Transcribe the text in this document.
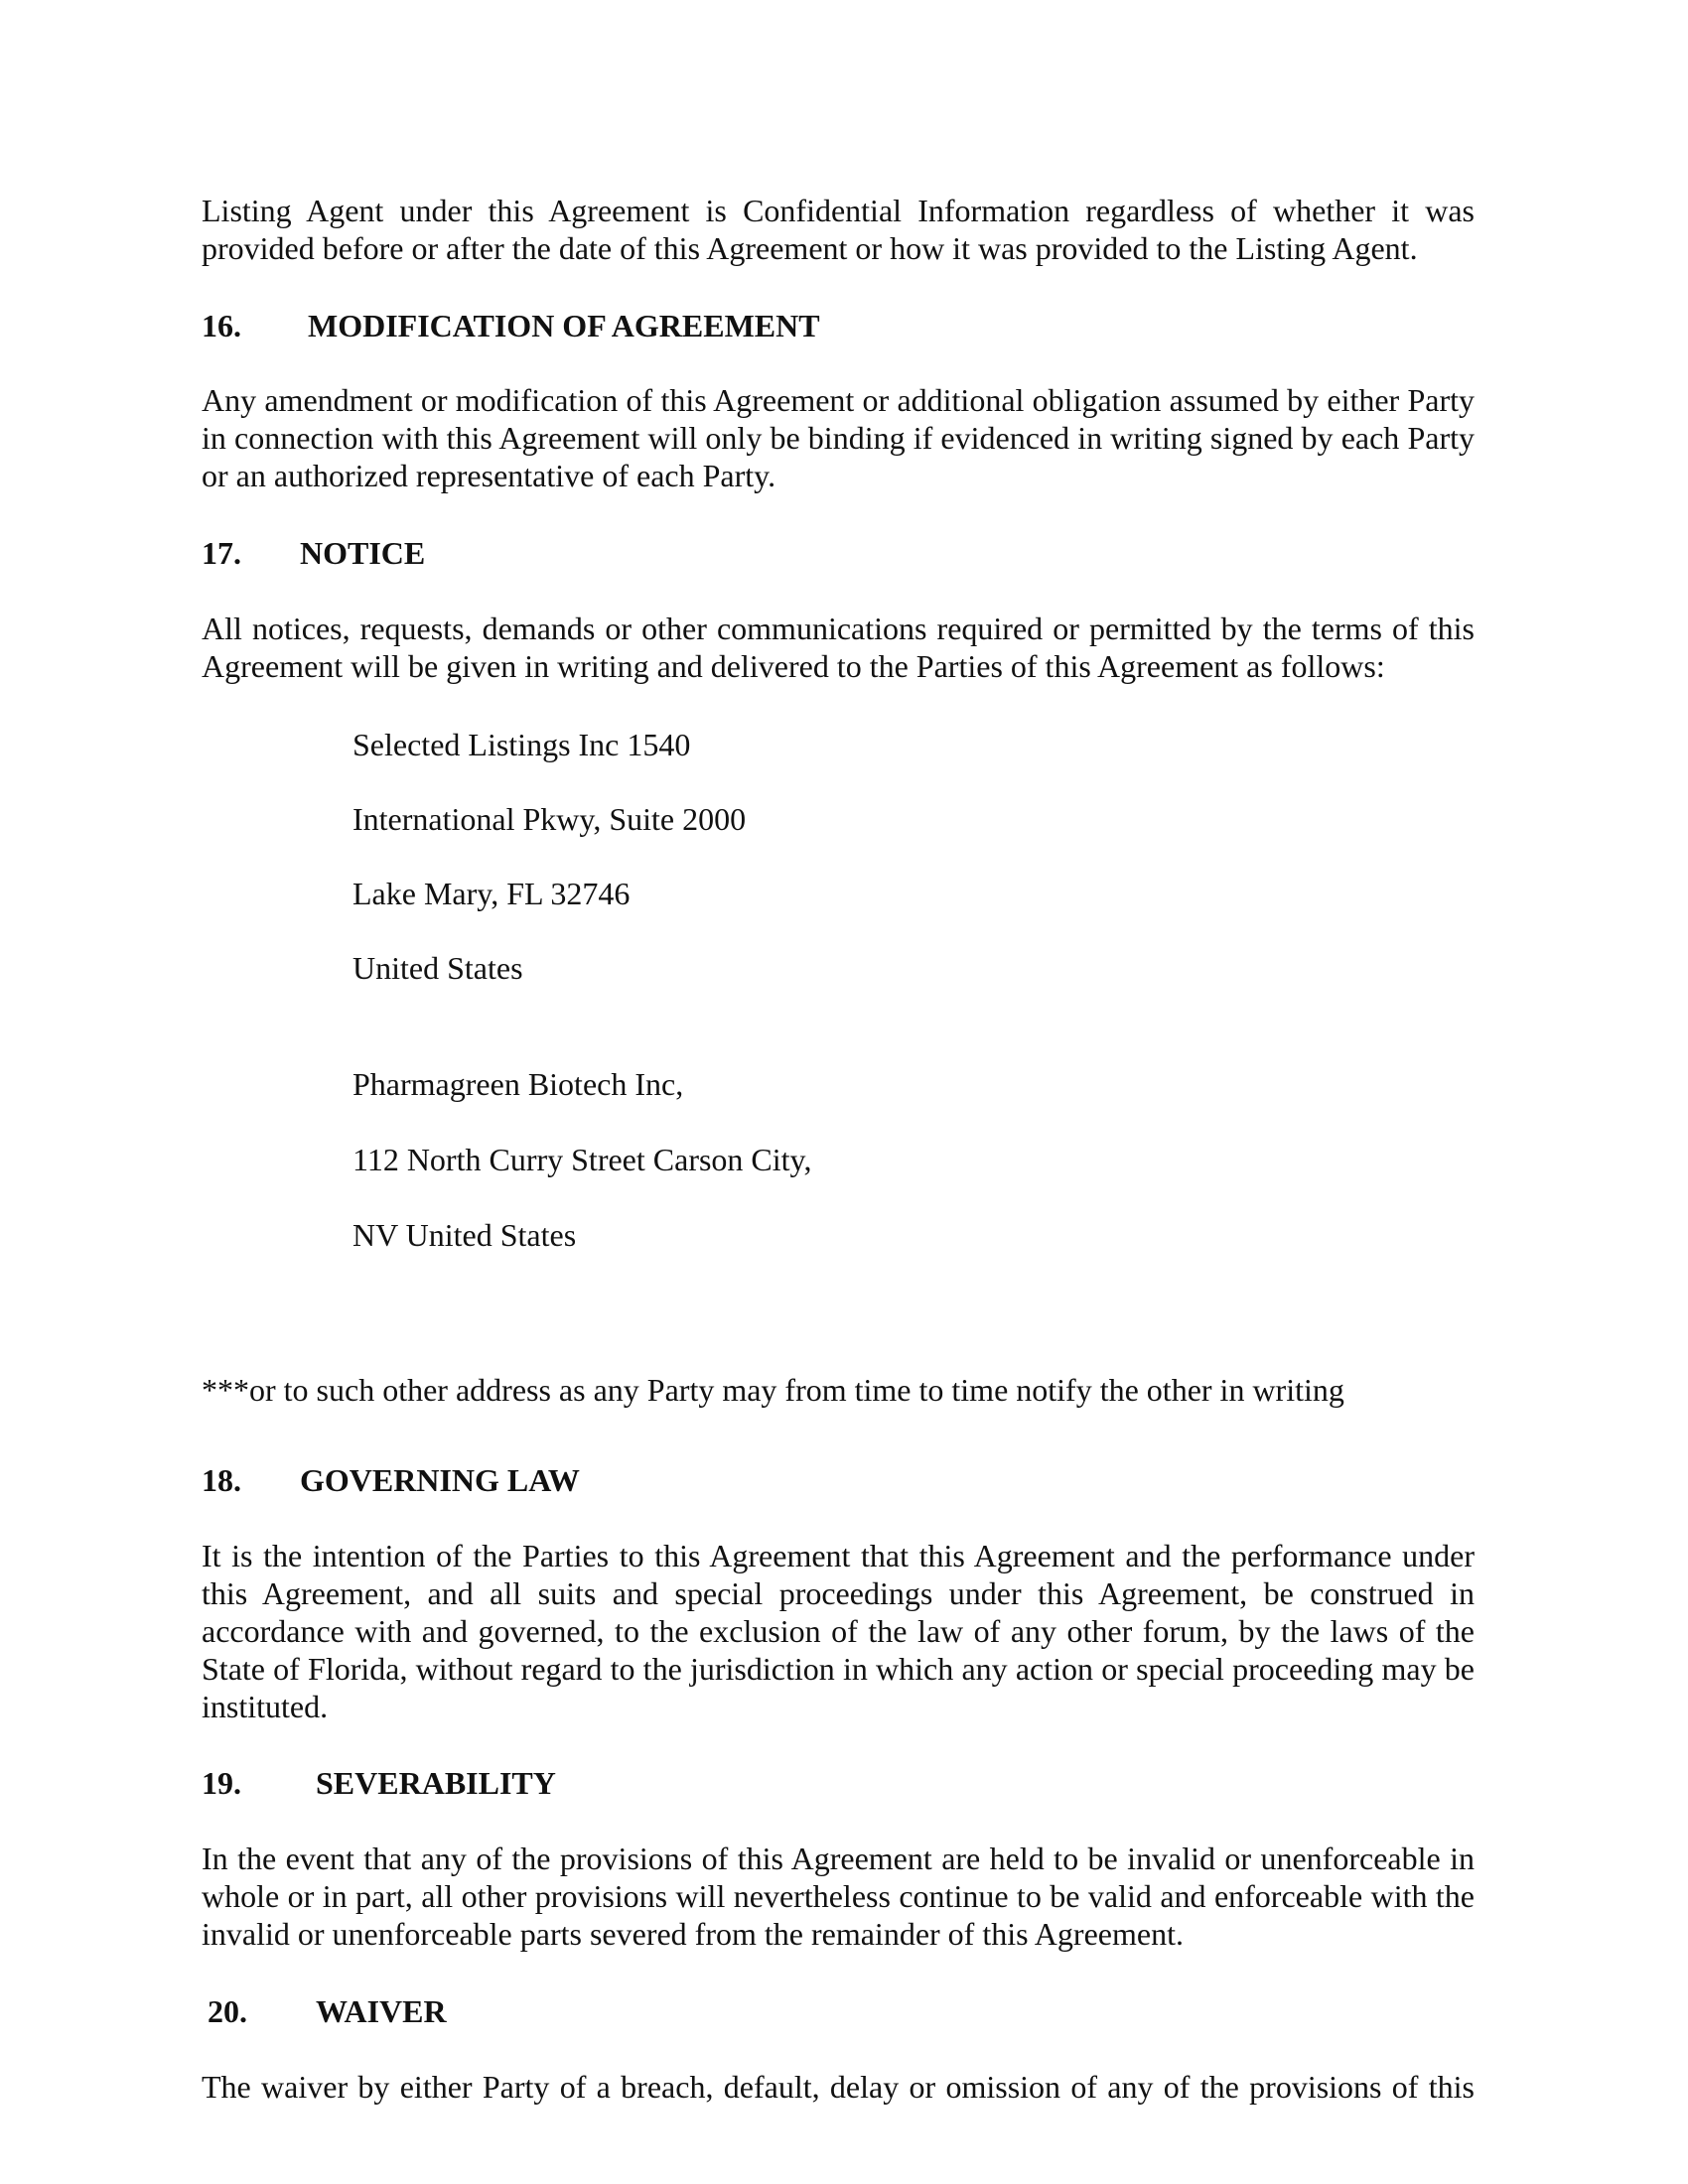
Listing Agent under this Agreement is Confidential Information regardless of whether it was provided before or after the date of this Agreement or how it was provided to the Listing Agent.

16. MODIFICATION OF AGREEMENT

Any amendment or modification of this Agreement or additional obligation assumed by either Party in connection with this Agreement will only be binding if evidenced in writing signed by each Party or an authorized representative of each Party.

17. NOTICE

All notices, requests, demands or other communications required or permitted by the terms of this Agreement will be given in writing and delivered to the Parties of this Agreement as follows:

Selected Listings Inc 1540
International Pkwy, Suite 2000
Lake Mary, FL 32746
United States
Pharmagreen Biotech Inc,
112 North Curry Street Carson City,
NV United States

***or to such other address as any Party may from time to time notify the other in writing

18. GOVERNING LAW

It is the intention of the Parties to this Agreement that this Agreement and the performance under this Agreement, and all suits and special proceedings under this Agreement, be construed in accordance with and governed, to the exclusion of the law of any other forum, by the laws of the State of Florida, without regard to the jurisdiction in which any action or special proceeding may be instituted.

19. SEVERABILITY

In the event that any of the provisions of this Agreement are held to be invalid or unenforceable in whole or in part, all other provisions will nevertheless continue to be valid and enforceable with the invalid or unenforceable parts severed from the remainder of this Agreement.

20. WAIVER

The waiver by either Party of a breach, default, delay or omission of any of the provisions of this
